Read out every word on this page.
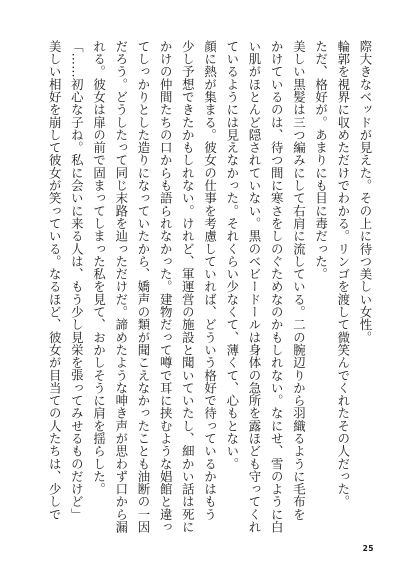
際大きなベッドが見えた。その上に待つ美しい女性。

輪郭を視界に収めただけでわかる。リンゴを渡して微笑んでくれたその人だった。

ただ、格好が。あまりにも目に毒だった。

美しい黒髪は三つ編みにして右肩に流している。二の腕辺りから羽織るように毛布を

かけているのは、待つ間に寒さをしのぐためなのかもしれない。なにせ、雪のように白

い肌がほとんど隠されていない。黒のベビードールは身体の急所を露ほども守ってくれ

ているようには見えなかった。それくらい少なくて、薄くて、心もとない。

顔に熱が集まる。彼女の仕事を考慮していれば、どういう格好で待っているかはもう

少し予想できたかもしれない。けれど、軍運営の施設と聞いていたし、細かい話は死に

かけの仲間たちの口からも語られなかった。建物だって噂で耳に挟むような娼館と違っ

てしっかりとした造りになっていたから、嬌声の類が聞こえなかったことも油断の一因

だろう。どうしたって同じ末路を辿っただけだ。諦めたような呻き声が思わず口から漏

れる。彼女は扉の前で固まってしまった私を見て、おかしそうに肩を揺らした。

「……初心な子ね。私に会いに来る人は、もう少し見栄を張ってみせるものだけど」

美しい相好を崩して彼女が笑っている。なるほど、彼女が目当ての人たちは、少しで

25
